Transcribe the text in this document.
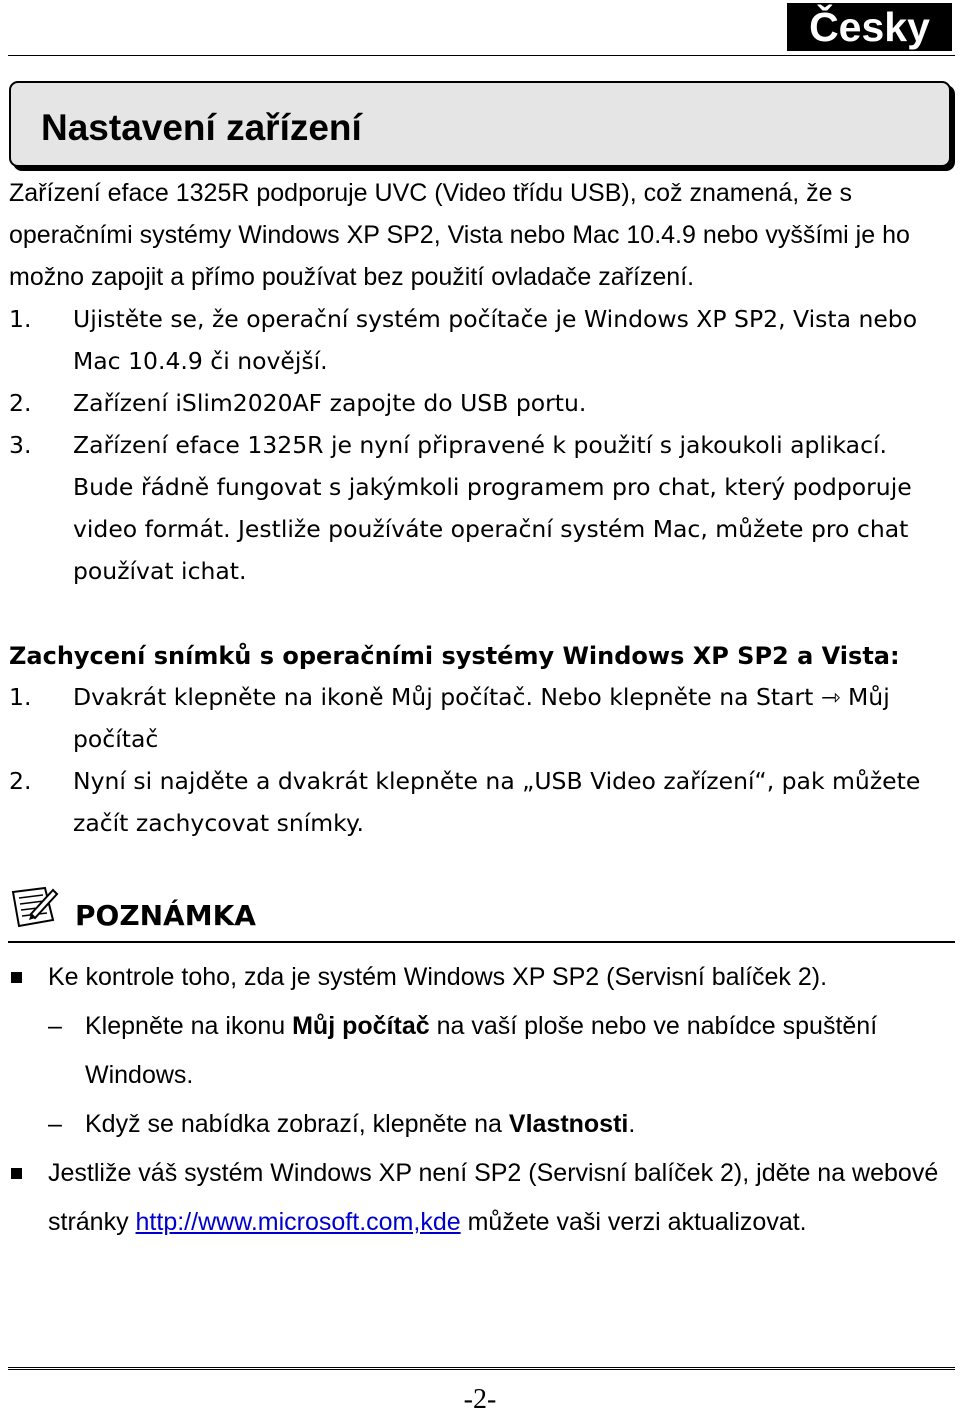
Česky
Nastavení zařízení

Zařízení eface 1325R podporuje UVC (Video třídu USB), což znamená, že s operačními systémy Windows XP SP2, Vista nebo Mac 10.4.9 nebo vyššími je ho možno zapojit a přímo používat bez použití ovladače zařízení.

1. Ujistěte se, že operační systém počítače je Windows XP SP2, Vista nebo Mac 10.4.9 či novější.
2. Zařízení iSlim2020AF zapojte do USB portu.
3. Zařízení eface 1325R je nyní připravené k použití s jakoukoli aplikací. Bude řádně fungovat s jakýmkoli programem pro chat, který podporuje video formát. Jestliže používáte operační systém Mac, můžete pro chat používat ichat.
Zachycení snímků s operačními systémy Windows XP SP2 a Vista:
1. Dvakrát klepněte na ikoně Můj počítač. Nebo klepněte na Start ⇾ Můj počítač
2. Nyní si najděte a dvakrát klepněte na „USB Video zařízení“, pak můžete začít zachycovat snímky.
POZNÁMKA
Ke kontrole toho, zda je systém Windows XP SP2 (Servisní balíček 2).
– Klepněte na ikonu Můj počítač na vaší ploše nebo ve nabídce spuštění Windows.
– Když se nabídka zobrazí, klepněte na Vlastnosti.
Jestliže váš systém Windows XP není SP2 (Servisní balíček 2), jděte na webové stránky http://www.microsoft.com,kde můžete vaši verzi aktualizovat.
-2-
